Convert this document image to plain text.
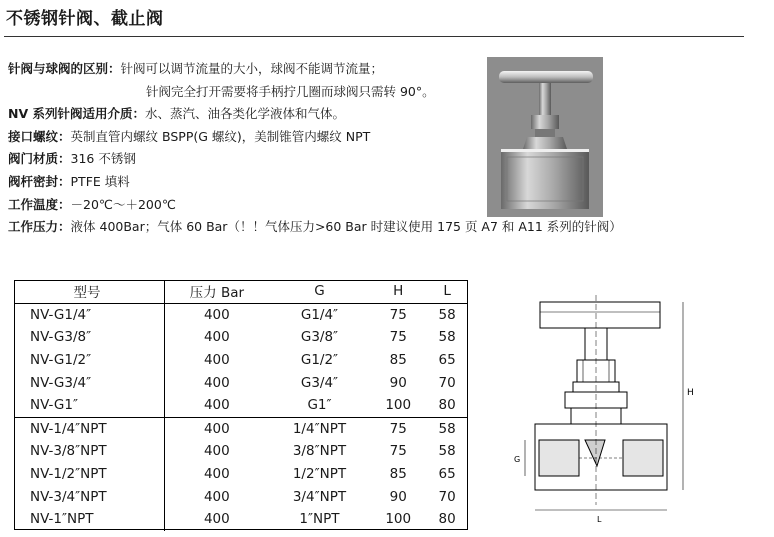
不锈钢针阀、截止阀
针阀与球阀的区别：针阀可以调节流量的大小，球阀不能调节流量；
针阀完全打开需要将手柄拧几圈而球阀只需转 90°。
NV 系列针阀适用介质：水、蒸汽、油各类化学液体和气体。
接口螺纹：英制直管内螺纹 BSPP(G 螺纹)，美制锥管内螺纹 NPT
阀门材质：316 不锈钢
阀杆密封：PTFE 填料
工作温度：－20℃～＋200℃
工作压力：液体 400Bar；气体 60 Bar（！！气体压力>60 Bar 时建议使用 175 页 A7 和 A11 系列的针阀）
型号	压力 Bar	G	H	L
NV-G1/4″	400	G1/4″	75	58
NV-G3/8″	400	G3/8″	75	58
NV-G1/2″	400	G1/2″	85	65
NV-G3/4″	400	G3/4″	90	70
NV-G1″	400	G1″	100	80
NV-1/4″NPT	400	1/4″NPT	75	58
NV-3/8″NPT	400	3/8″NPT	75	58
NV-1/2″NPT	400	1/2″NPT	85	65
NV-3/4″NPT	400	3/4″NPT	90	70
NV-1″NPT	400	1″NPT	100	80
H
G
L
